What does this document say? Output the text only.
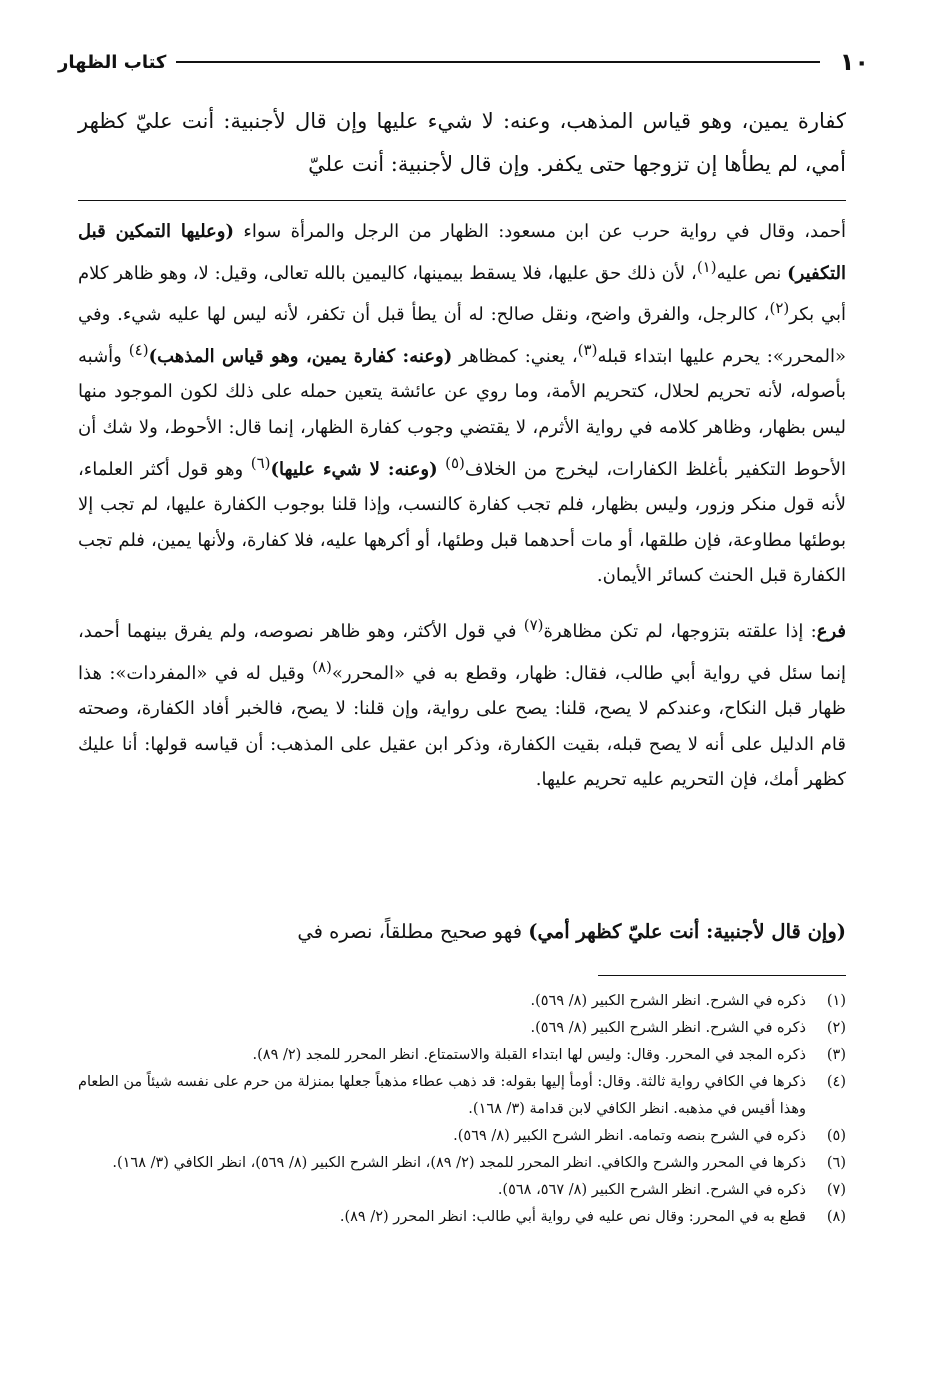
١٠
كتاب الظهار
كفارة يمين، وهو قياس المذهب، وعنه: لا شيء عليها وإن قال لأجنبية: أنت عليّ كظهر أمي، لم يطأها إن تزوجها حتى يكفر. وإن قال لأجنبية: أنت عليّ

أحمد، وقال في رواية حرب عن ابن مسعود: الظهار من الرجل والمرأة سواء (وعليها التمكين قبل التكفير) نص عليه$^{(١)}$، لأن ذلك حق عليها، فلا يسقط بيمينها، كاليمين بالله تعالى، وقيل: لا، وهو ظاهر كلام أبي بكر$^{(٢)}$، كالرجل، والفرق واضح، ونقل صالح: له أن يطأ قبل أن تكفر، لأنه ليس لها عليه شيء. وفي «المحرر»: يحرم عليها ابتداء قبله$^{(٣)}$، يعني: كمظاهر (وعنه: كفارة يمين، وهو قياس المذهب)$^{(٤)}$ وأشبه بأصوله، لأنه تحريم لحلال، كتحريم الأمة، وما روي عن عائشة يتعين حمله على ذلك لكون الموجود منها ليس بظهار، وظاهر كلامه في رواية الأثرم، لا يقتضي وجوب كفارة الظهار، إنما قال: الأحوط، ولا شك أن الأحوط التكفير بأغلظ الكفارات، ليخرج من الخلاف$^{(٥)}$ (وعنه: لا شيء عليها)$^{(٦)}$ وهو قول أكثر العلماء، لأنه قول منكر وزور، وليس بظهار، فلم تجب كفارة كالنسب، وإذا قلنا بوجوب الكفارة عليها، لم تجب إلا بوطئها مطاوعة، فإن طلقها، أو مات أحدهما قبل وطئها، أو أكرهها عليه، فلا كفارة، ولأنها يمين، فلم تجب الكفارة قبل الحنث كسائر الأيمان.

فرع: إذا علقته بتزوجها، لم تكن مظاهرة$^{(٧)}$ في قول الأكثر، وهو ظاهر نصوصه، ولم يفرق بينهما أحمد، إنما سئل في رواية أبي طالب، فقال: ظهار، وقطع به في «المحرر»$^{(٨)}$ وقيل له في «المفردات»: هذا ظهار قبل النكاح، وعندكم لا يصح، قلنا: يصح على رواية، وإن قلنا: لا يصح، فالخبر أفاد الكفارة، وصحته قام الدليل على أنه لا يصح قبله، بقيت الكفارة، وذكر ابن عقيل على المذهب: أن قياسه قولها: أنا عليك كظهر أمك، فإن التحريم عليه تحريم عليها.

(وإن قال لأجنبية: أنت عليّ كظهر أمي) فهو صحيح مطلقاً، نصره في
(١)
ذكره في الشرح. انظر الشرح الكبير (٨/ ٥٦٩).
(٢)
ذكره في الشرح. انظر الشرح الكبير (٨/ ٥٦٩).
(٣)
ذكره المجد في المحرر. وقال: وليس لها ابتداء القبلة والاستمتاع. انظر المحرر للمجد (٢/ ٨٩).
(٤)
ذكرها في الكافي رواية ثالثة. وقال: أومأ إليها بقوله: قد ذهب عطاء مذهباً جعلها بمنزلة من حرم على نفسه شيئاً من الطعام وهذا أقيس في مذهبه. انظر الكافي لابن قدامة (٣/ ١٦٨).
(٥)
ذكره في الشرح بنصه وتمامه. انظر الشرح الكبير (٨/ ٥٦٩).
(٦)
ذكرها في المحرر والشرح والكافي. انظر المحرر للمجد (٢/ ٨٩)، انظر الشرح الكبير (٨/ ٥٦٩)، انظر الكافي (٣/ ١٦٨).
(٧)
ذكره في الشرح. انظر الشرح الكبير (٨/ ٥٦٧، ٥٦٨).
(٨)
قطع به في المحرر: وقال نص عليه في رواية أبي طالب: انظر المحرر (٢/ ٨٩).
